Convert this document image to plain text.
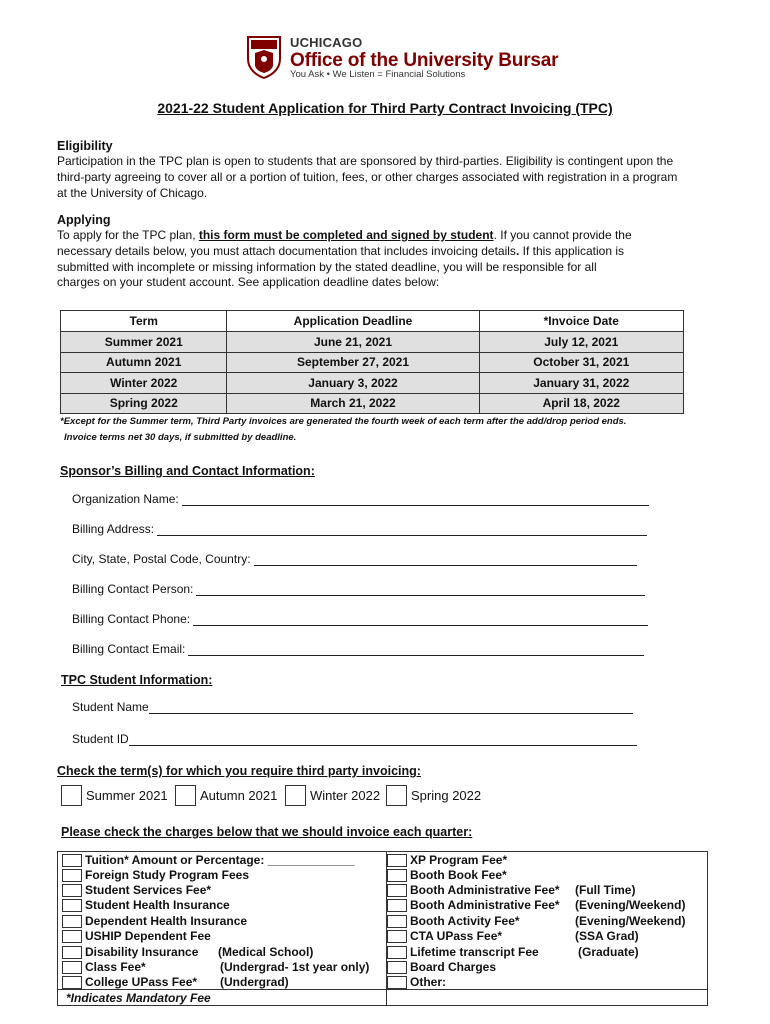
UCHICAGO
Office of the University Bursar
You Ask • We Listen = Financial Solutions
2021-22 Student Application for Third Party Contract Invoicing (TPC)
Eligibility
Participation in the TPC plan is open to students that are sponsored by third-parties. Eligibility is contingent upon the
third-party agreeing to cover all or a portion of tuition, fees, or other charges associated with registration in a program
at the University of Chicago.
Applying
To apply for the TPC plan, this form must be completed and signed by student. If you cannot provide the
necessary details below, you must attach documentation that includes invoicing details. If this application is
submitted with incomplete or missing information by the stated deadline, you will be responsible for all
charges on your student account. See application deadline dates below:
Term	Application Deadline	*Invoice Date
Summer 2021	June 21, 2021	July 12, 2021
Autumn 2021	September 27, 2021	October 31, 2021
Winter 2022	January 3, 2022	January 31, 2022
Spring 2022	March 21, 2022	April 18, 2022
*Except for the Summer term, Third Party invoices are generated the fourth week of each term after the add/drop period ends.
Invoice terms net 30 days, if submitted by deadline.
Sponsor’s Billing and Contact Information:
Organization Name:
Billing Address:
City, State, Postal Code, Country:
Billing Contact Person:
Billing Contact Phone:
Billing Contact Email:
TPC Student Information:
Student Name
Student ID
Check the term(s) for which you require third party invoicing:
Summer 2021 Autumn 2021	Winter 2022 Spring 2022
Please check the charges below that we should invoice each quarter:
Tuition* Amount or Percentage: _____________
Foreign Study Program Fees
Student Services Fee*
Student Health Insurance
Dependent Health Insurance
USHIP Dependent Fee
Disability Insurance (Medical School)
Class Fee*	(Undergrad- 1st year only)
College UPass Fee* (Undergrad)
*Indicates Mandatory Fee
XP Program Fee*
Booth Book Fee*
Booth Administrative Fee* (Full Time)
Booth Administrative Fee* (Evening/Weekend)
Booth Activity Fee*	(Evening/Weekend)
CTA UPass Fee*	(SSA Grad)
Lifetime transcript Fee	(Graduate)
Board Charges
Other:
